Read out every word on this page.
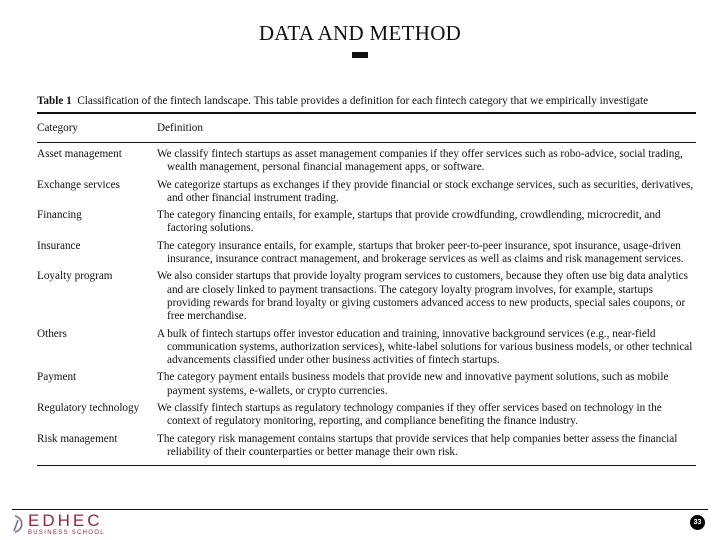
DATA AND METHOD
Table 1 Classification of the fintech landscape. This table provides a definition for each fintech category that we empirically investigate
Category	Definition
Asset management	We classify fintech startups as asset management companies if they offer services such as robo-advice, social trading, wealth management, personal financial management apps, or software.
Exchange services	We categorize startups as exchanges if they provide financial or stock exchange services, such as securities, derivatives, and other financial instrument trading.
Financing	The category financing entails, for example, startups that provide crowdfunding, crowdlending, microcredit, and factoring solutions.
Insurance	The category insurance entails, for example, startups that broker peer-to-peer insurance, spot insurance, usage-driven insurance, insurance contract management, and brokerage services as well as claims and risk management services.
Loyalty program	We also consider startups that provide loyalty program services to customers, because they often use big data analytics and are closely linked to payment transactions. The category loyalty program involves, for example, startups providing rewards for brand loyalty or giving customers advanced access to new products, special sales coupons, or free merchandise.
Others	A bulk of fintech startups offer investor education and training, innovative background services (e.g., near-field communication systems, authorization services), white-label solutions for various business models, or other technical advancements classified under other business activities of fintech startups.
Payment	The category payment entails business models that provide new and innovative payment solutions, such as mobile payment systems, e-wallets, or crypto currencies.
Regulatory technology	We classify fintech startups as regulatory technology companies if they offer services based on technology in the context of regulatory monitoring, reporting, and compliance benefiting the finance industry.
Risk management	The category risk management contains startups that provide services that help companies better assess the financial reliability of their counterparties or better manage their own risk.
EDHEC
BUSINESS SCHOOL
33
